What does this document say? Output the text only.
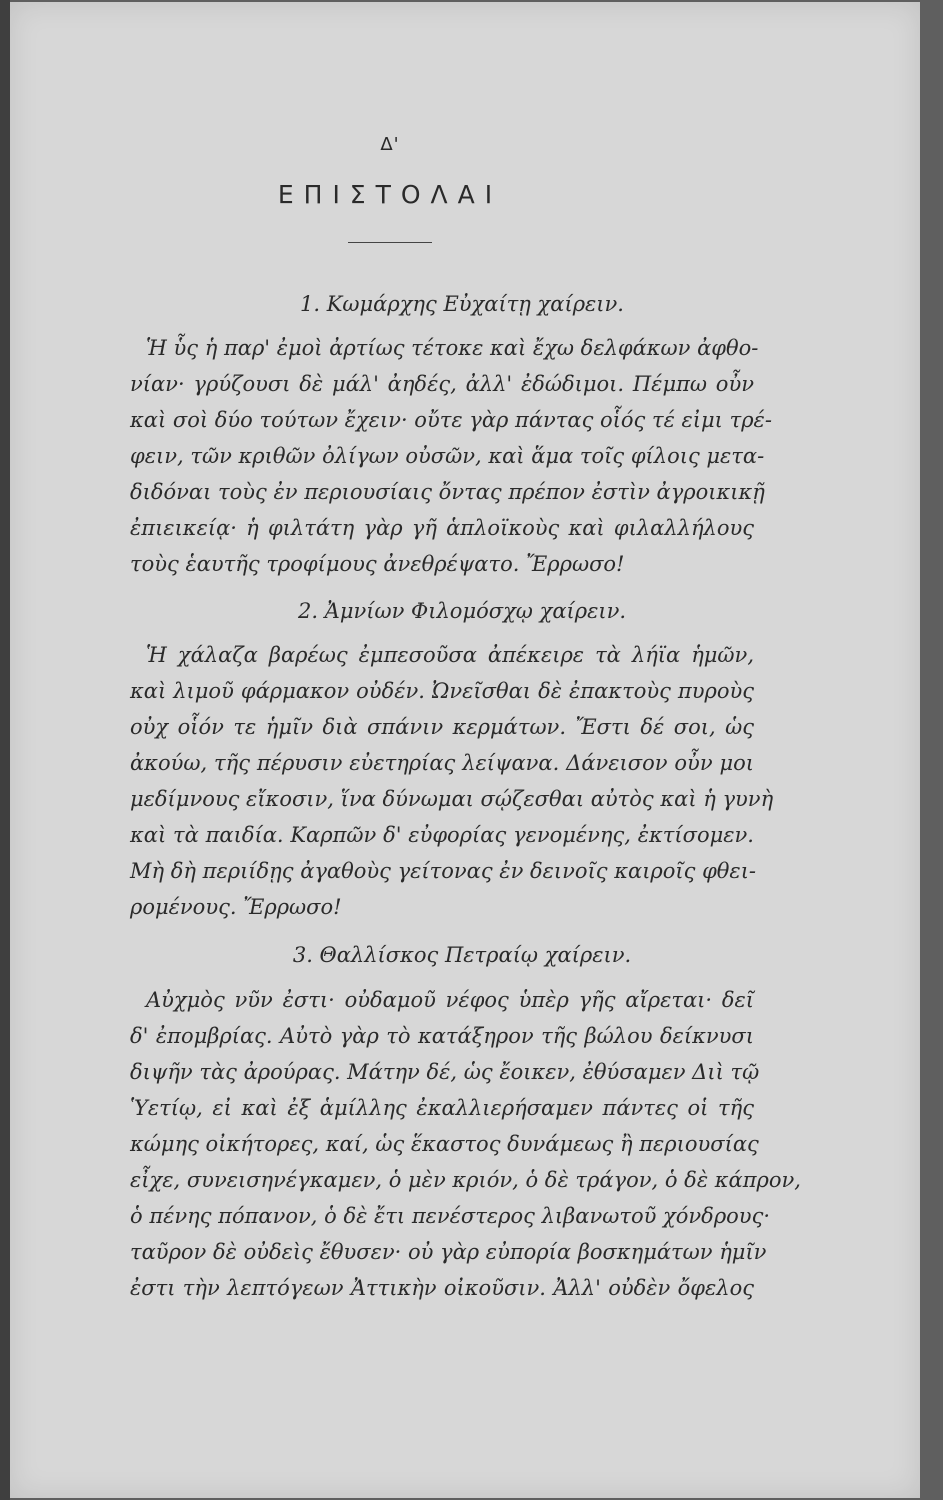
Δ'
ΕΠΙΣΤΟΛΑΙ
1. Κωμάρχης Εὐχαίτῃ χαίρειν.
Ἡ ὗς ἡ παρ' ἐμοὶ ἀρτίως τέτοκε καὶ ἔχω δελφάκων ἀφθο-
νίαν· γρύζουσι δὲ μάλ' ἀηδές, ἀλλ' ἐδώδιμοι. Πέμπω οὖν
καὶ σοὶ δύο τούτων ἔχειν· οὔτε γὰρ πάντας οἷός τέ εἰμι τρέ-
φειν, τῶν κριθῶν ὀλίγων οὐσῶν, καὶ ἅμα τοῖς φίλοις μετα-
διδόναι τοὺς ἐν περιουσίαις ὄντας πρέπον ἐστὶν ἀγροικικῇ
ἐπιεικείᾳ· ἡ φιλτάτη γὰρ γῆ ἁπλοϊκοὺς καὶ φιλαλλήλους
τοὺς ἑαυτῆς τροφίμους ἀνεθρέψατο. Ἔρρωσο!
2. Ἀμνίων Φιλομόσχῳ χαίρειν.
Ἡ χάλαζα βαρέως ἐμπεσοῦσα ἀπέκειρε τὰ λήϊα ἡμῶν,
καὶ λιμοῦ φάρμακον οὐδέν. Ὠνεῖσθαι δὲ ἐπακτοὺς πυροὺς
οὐχ οἷόν τε ἡμῖν διὰ σπάνιν κερμάτων. Ἔστι δέ σοι, ὡς
ἀκούω, τῆς πέρυσιν εὐετηρίας λείψανα. Δάνεισον οὖν μοι
μεδίμνους εἴκοσιν, ἵνα δύνωμαι σῴζεσθαι αὐτὸς καὶ ἡ γυνὴ
καὶ τὰ παιδία. Καρπῶν δ' εὐφορίας γενομένης, ἐκτίσομεν.
Μὴ δὴ περιίδῃς ἀγαθοὺς γείτονας ἐν δεινοῖς καιροῖς φθει-
ρομένους. Ἔρρωσο!
3. Θαλλίσκος Πετραίῳ χαίρειν.
Αὐχμὸς νῦν ἐστι· οὐδαμοῦ νέφος ὑπὲρ γῆς αἴρεται· δεῖ
δ' ἐπομβρίας. Αὐτὸ γὰρ τὸ κατάξηρον τῆς βώλου δείκνυσι
διψῆν τὰς ἀρούρας. Μάτην δέ, ὡς ἔοικεν, ἐθύσαμεν Διὶ τῷ
Ὑετίῳ, εἰ καὶ ἐξ ἁμίλλης ἐκαλλιερήσαμεν πάντες οἱ τῆς
κώμης οἰκήτορες, καί, ὡς ἕκαστος δυνάμεως ἢ περιουσίας
εἶχε, συνεισηνέγκαμεν, ὁ μὲν κριόν, ὁ δὲ τράγον, ὁ δὲ κάπρον,
ὁ πένης πόπανον, ὁ δὲ ἔτι πενέστερος λιβανωτοῦ χόνδρους·
ταῦρον δὲ οὐδεὶς ἔθυσεν· οὐ γὰρ εὐπορία βοσκημάτων ἡμῖν
ἐστι τὴν λεπτόγεων Ἀττικὴν οἰκοῦσιν. Ἀλλ' οὐδὲν ὄφελος
